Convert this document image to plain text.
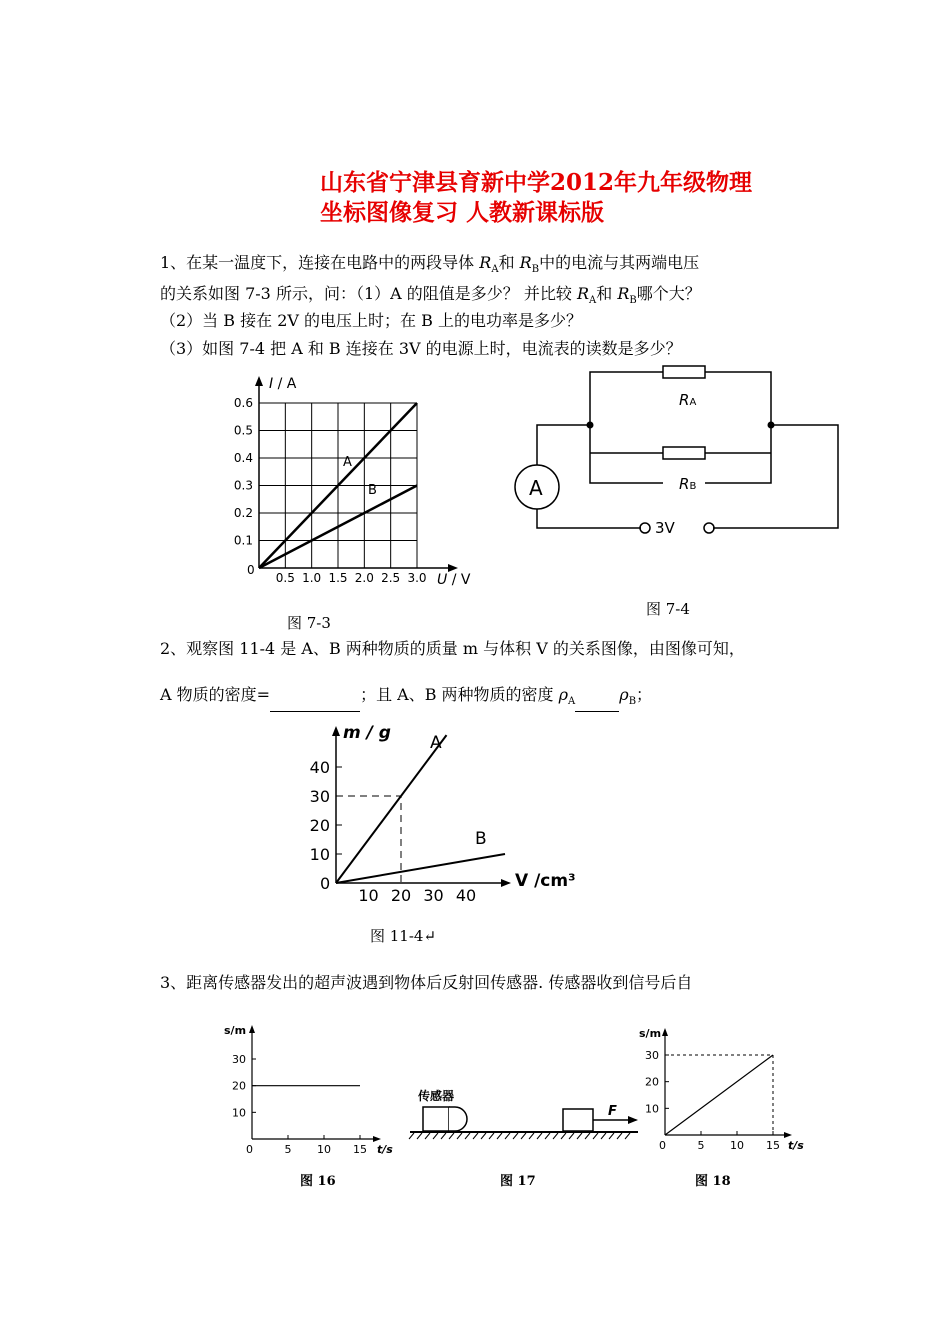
山东省宁津县育新中学2012年九年级物理
坐标图像复习 人教新课标版
1、在某一温度下，连接在电路中的两段导体 $R_A$和 $R_B$中的电流与其两端电压
的关系如图 7-3 所示，问：（1）A 的阻值是多少？ 并比较 $R_A$和 $R_B$哪个大？
（2）当 B 接在 2V 的电压上时；在 B 上的电功率是多少？
（3）如图 7-4 把 A 和 B 连接在 3V 的电源上时，电流表的读数是多少？
0.5 1.0 1.5 2.0 2.5 3.0
0.1
0.2
0.3
0.4
0.5
0.6
0
I / A
U / V
A
B
图 7-3
RA
RB
A
3V
图 7-4
2、观察图 11-4 是 A、B 两种物质的质量 m 与体积 V 的关系图像，由图像可知，
A 物质的密度=	；且 A、B 两种物质的密度 $\rho_A$	$\rho_B$；
10 20 30 40
10
20
30
40
0
m / g
V /cm³
A
B
图 11-4↵
3、距离传感器发出的超声波遇到物体后反射回传感器. 传感器收到信号后自
5 10 15
10
20
30
0
s/m
t/s
图 16
传感器
F
图 17
5 10 15
10
20
30
0
s/m
t/s
图 18
